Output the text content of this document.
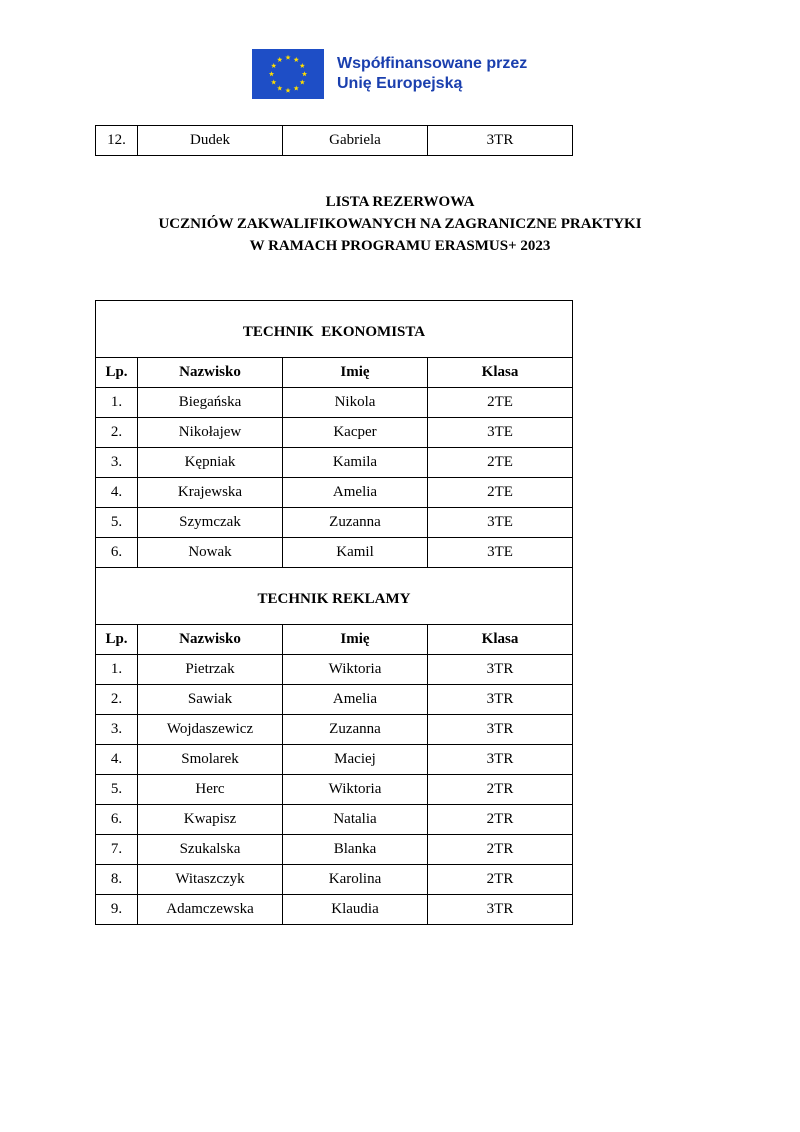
Współfinansowane przez
Unię Europejską
12.	Dudek	Gabriela	3TR
LISTA REZERWOWA
UCZNIÓW ZAKWALIFIKOWANYCH NA ZAGRANICZNE PRAKTYKI
W RAMACH PROGRAMU ERASMUS+ 2023
TECHNIK  EKONOMISTA			
Lp.	Nazwisko	Imię	Klasa
1.	Biegańska	Nikola	2TE
2.	Nikołajew	Kacper	3TE
3.	Kępniak	Kamila	2TE
4.	Krajewska	Amelia	2TE
5.	Szymczak	Zuzanna	3TE
6.	Nowak	Kamil	3TE
TECHNIK REKLAMY			
Lp.	Nazwisko	Imię	Klasa
1.	Pietrzak	Wiktoria	3TR
2.	Sawiak	Amelia	3TR
3.	Wojdaszewicz	Zuzanna	3TR
4.	Smolarek	Maciej	3TR
5.	Herc	Wiktoria	2TR
6.	Kwapisz	Natalia	2TR
7.	Szukalska	Blanka	2TR
8.	Witaszczyk	Karolina	2TR
9.	Adamczewska	Klaudia	3TR
